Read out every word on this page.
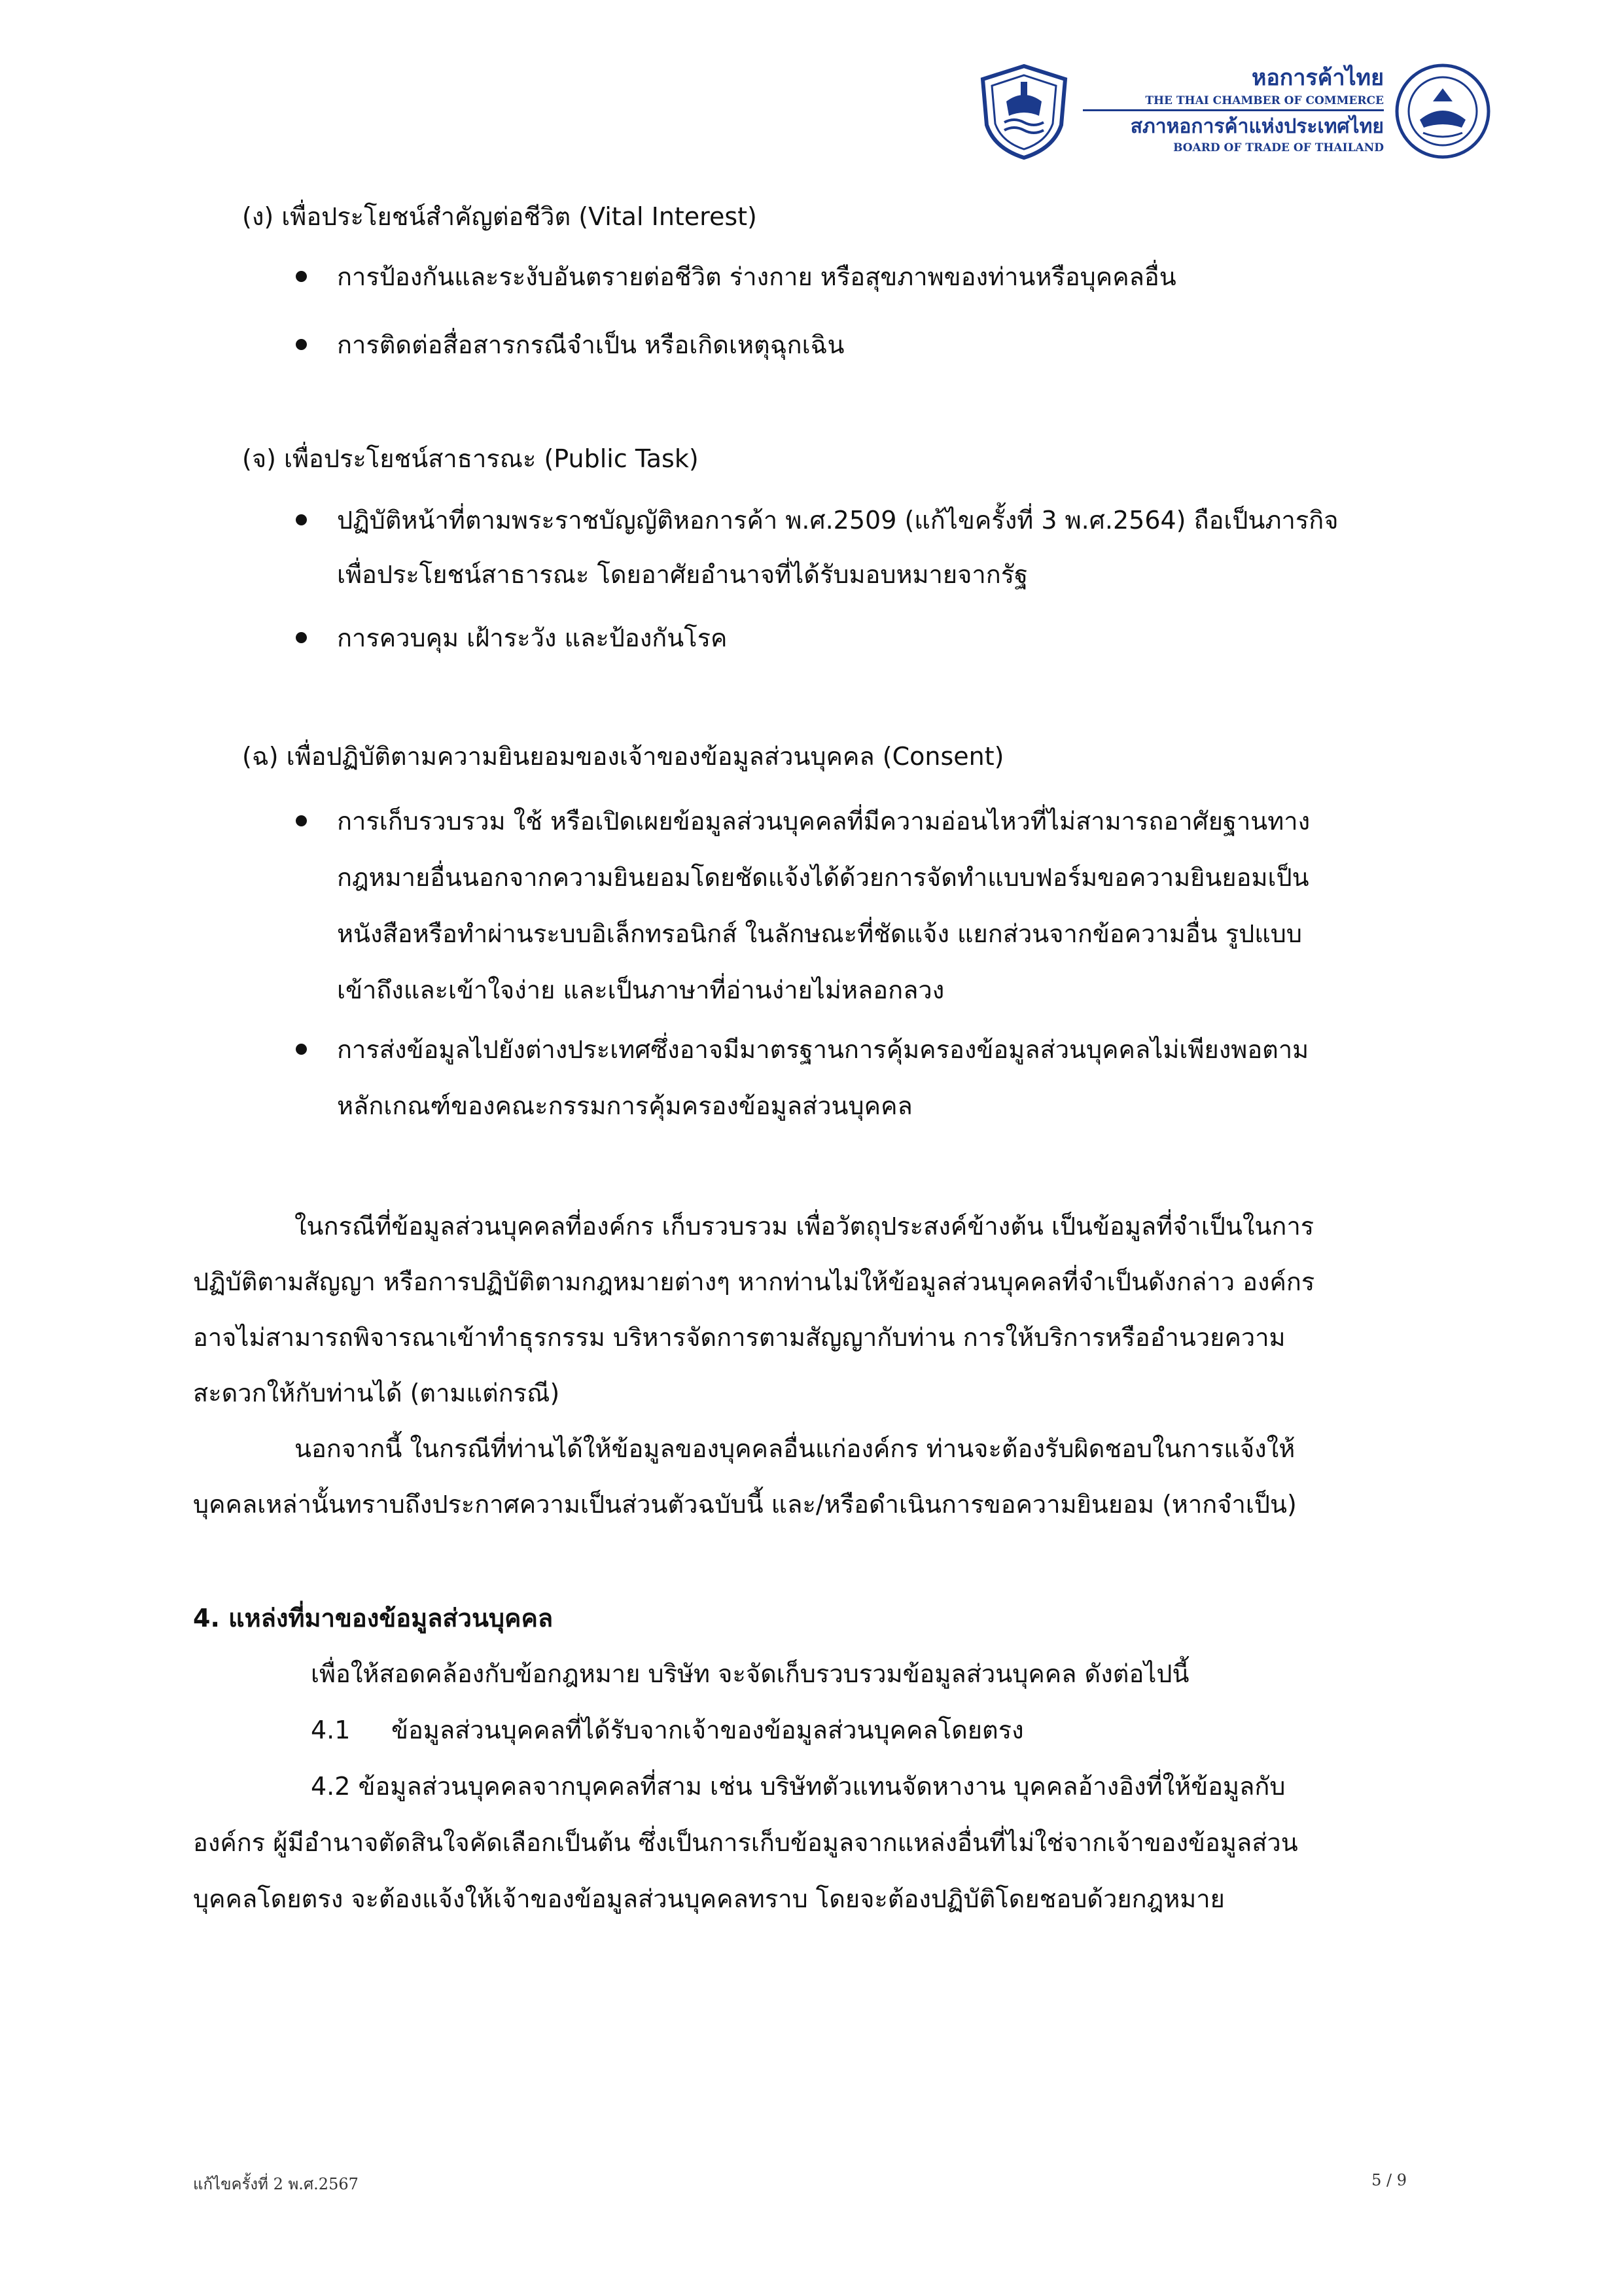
หอการค้าไทย
THE THAI CHAMBER OF COMMERCE
สภาหอการค้าแห่งประเทศไทย
BOARD OF TRADE OF THAILAND
(ง) เพื่อประโยชน์สำคัญต่อชีวิต (Vital Interest)
การป้องกันและระงับอันตรายต่อชีวิต ร่างกาย หรือสุขภาพของท่านหรือบุคคลอื่น
การติดต่อสื่อสารกรณีจำเป็น หรือเกิดเหตุฉุกเฉิน
(จ) เพื่อประโยชน์สาธารณะ (Public Task)
ปฏิบัติหน้าที่ตามพระราชบัญญัติหอการค้า พ.ศ.2509 (แก้ไขครั้งที่ 3 พ.ศ.2564) ถือเป็นภารกิจ
เพื่อประโยชน์สาธารณะ โดยอาศัยอำนาจที่ได้รับมอบหมายจากรัฐ
การควบคุม เฝ้าระวัง และป้องกันโรค
(ฉ) เพื่อปฏิบัติตามความยินยอมของเจ้าของข้อมูลส่วนบุคคล (Consent)
การเก็บรวบรวม ใช้ หรือเปิดเผยข้อมูลส่วนบุคคลที่มีความอ่อนไหวที่ไม่สามารถอาศัยฐานทาง
กฎหมายอื่นนอกจากความยินยอมโดยชัดแจ้งได้ด้วยการจัดทำแบบฟอร์มขอความยินยอมเป็น
หนังสือหรือทำผ่านระบบอิเล็กทรอนิกส์ ในลักษณะที่ชัดแจ้ง แยกส่วนจากข้อความอื่น รูปแบบ
เข้าถึงและเข้าใจง่าย และเป็นภาษาที่อ่านง่ายไม่หลอกลวง
การส่งข้อมูลไปยังต่างประเทศซึ่งอาจมีมาตรฐานการคุ้มครองข้อมูลส่วนบุคคลไม่เพียงพอตาม
หลักเกณฑ์ของคณะกรรมการคุ้มครองข้อมูลส่วนบุคคล
ในกรณีที่ข้อมูลส่วนบุคคลที่องค์กร เก็บรวบรวม เพื่อวัตถุประสงค์ข้างต้น เป็นข้อมูลที่จำเป็นในการ
ปฏิบัติตามสัญญา หรือการปฏิบัติตามกฎหมายต่างๆ หากท่านไม่ให้ข้อมูลส่วนบุคคลที่จำเป็นดังกล่าว องค์กร
อาจไม่สามารถพิจารณาเข้าทำธุรกรรม บริหารจัดการตามสัญญากับท่าน การให้บริการหรืออำนวยความ
สะดวกให้กับท่านได้ (ตามแต่กรณี)
นอกจากนี้ ในกรณีที่ท่านได้ให้ข้อมูลของบุคคลอื่นแก่องค์กร ท่านจะต้องรับผิดชอบในการแจ้งให้
บุคคลเหล่านั้นทราบถึงประกาศความเป็นส่วนตัวฉบับนี้ และ/หรือดำเนินการขอความยินยอม (หากจำเป็น)
4. แหล่งที่มาของข้อมูลส่วนบุคคล
เพื่อให้สอดคล้องกับข้อกฎหมาย บริษัท จะจัดเก็บรวบรวมข้อมูลส่วนบุคคล ดังต่อไปนี้
4.1 ข้อมูลส่วนบุคคลที่ได้รับจากเจ้าของข้อมูลส่วนบุคคลโดยตรง
4.2 ข้อมูลส่วนบุคคลจากบุคคลที่สาม เช่น บริษัทตัวแทนจัดหางาน บุคคลอ้างอิงที่ให้ข้อมูลกับ
องค์กร ผู้มีอำนาจตัดสินใจคัดเลือกเป็นต้น ซึ่งเป็นการเก็บข้อมูลจากแหล่งอื่นที่ไม่ใช่จากเจ้าของข้อมูลส่วน
บุคคลโดยตรง จะต้องแจ้งให้เจ้าของข้อมูลส่วนบุคคลทราบ โดยจะต้องปฏิบัติโดยชอบด้วยกฎหมาย
แก้ไขครั้งที่ 2 พ.ศ.2567	5 / 9
